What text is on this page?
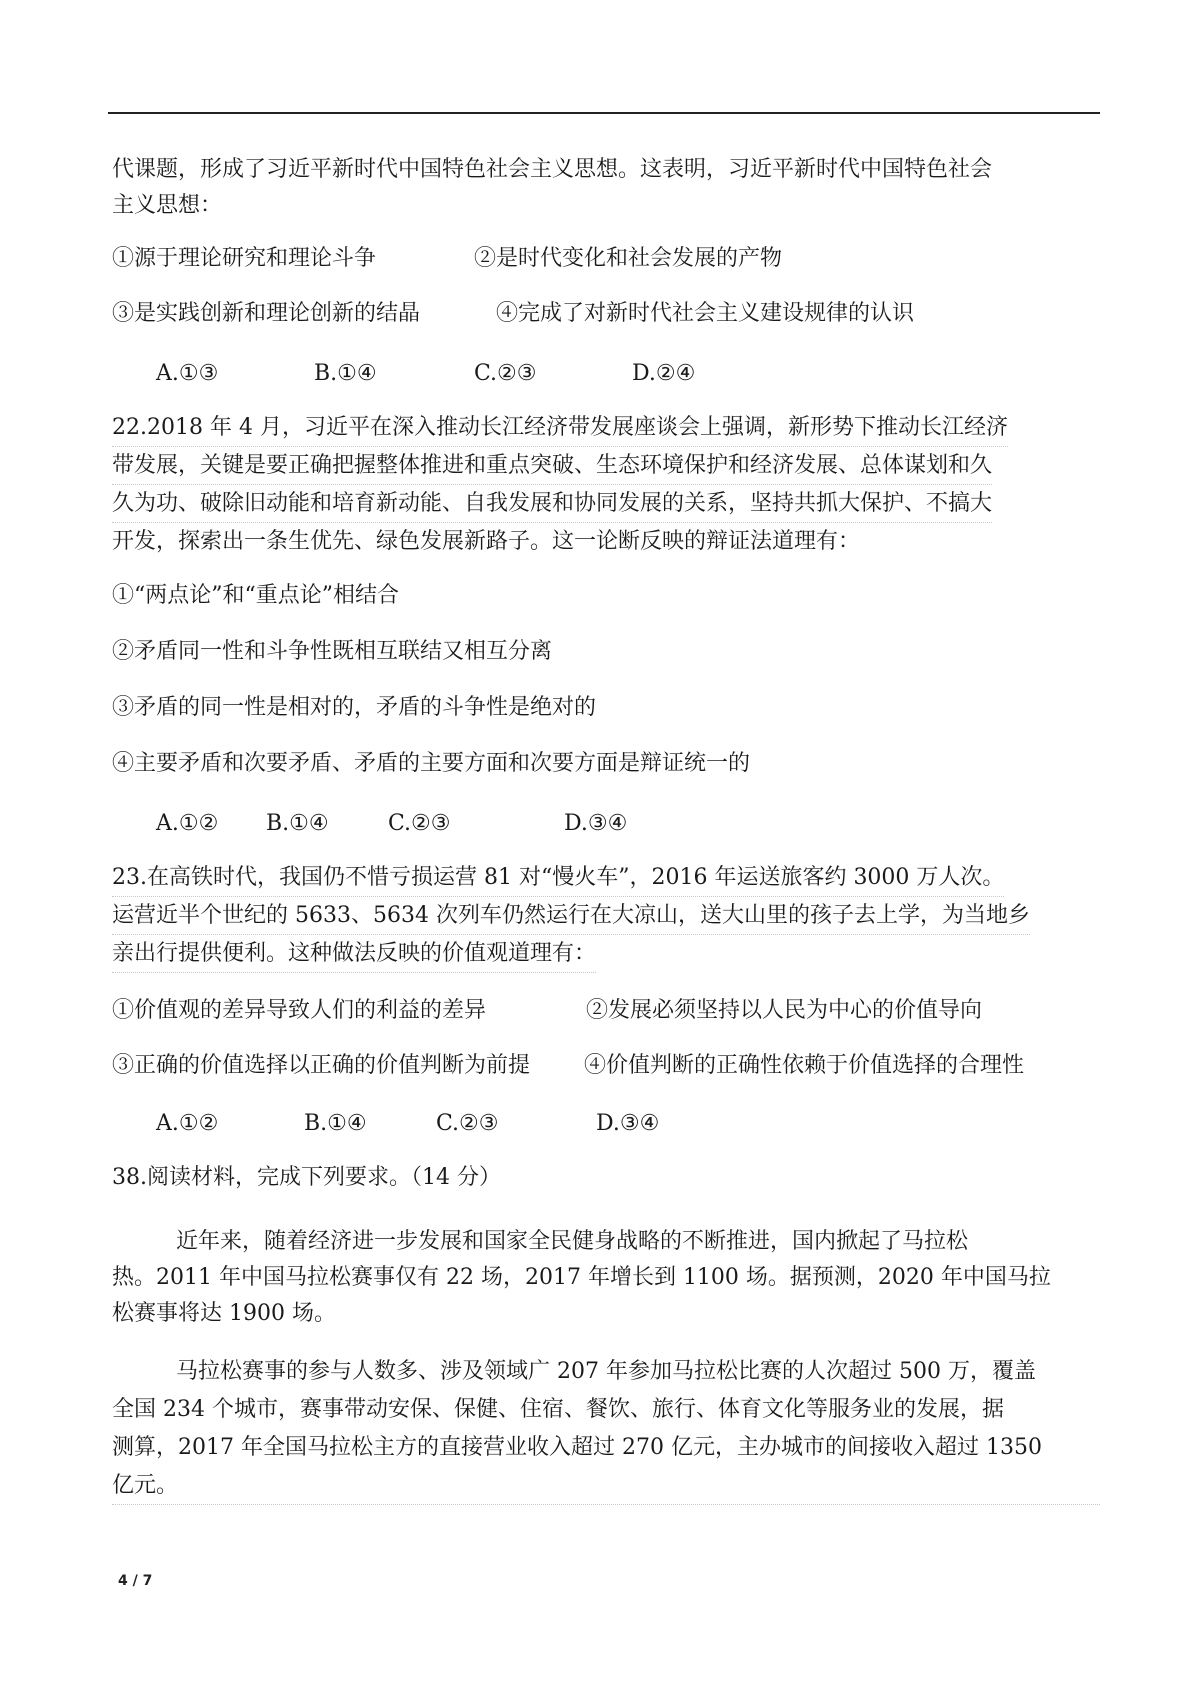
代课题，形成了习近平新时代中国特色社会主义思想。这表明，习近平新时代中国特色社会
主义思想：
①源于理论研究和理论斗争	②是时代变化和社会发展的产物
③是实践创新和理论创新的结晶	④完成了对新时代社会主义建设规律的认识
A.①③	B.①④	C.②③	D.②④
22.2018 年 4 月，习近平在深入推动长江经济带发展座谈会上强调，新形势下推动长江经济
带发展，关键是要正确把握整体推进和重点突破、生态环境保护和经济发展、总体谋划和久
久为功、破除旧动能和培育新动能、自我发展和协同发展的关系，坚持共抓大保护、不搞大
开发，探索出一条生优先、绿色发展新路子。这一论断反映的辩证法道理有：
①“两点论”和“重点论”相结合
②矛盾同一性和斗争性既相互联结又相互分离
③矛盾的同一性是相对的，矛盾的斗争性是绝对的
④主要矛盾和次要矛盾、矛盾的主要方面和次要方面是辩证统一的
A.①② B.①④	C.②③	D.③④
23.在高铁时代，我国仍不惜亏损运营 81 对“慢火车”，2016 年运送旅客约 3000 万人次。
运营近半个世纪的 5633、5634 次列车仍然运行在大凉山，送大山里的孩子去上学，为当地乡
亲出行提供便利。这种做法反映的价值观道理有：
①价值观的差异导致人们的利益的差异	②发展必须坚持以人民为中心的价值导向
③正确的价值选择以正确的价值判断为前提 ④价值判断的正确性依赖于价值选择的合理性
A.①②	B.①④	C.②③	D.③④
38.阅读材料，完成下列要求。（14 分）
近年来，随着经济进一步发展和国家全民健身战略的不断推进，国内掀起了马拉松
热。2011 年中国马拉松赛事仅有 22 场，2017 年增长到 1100 场。据预测，2020 年中国马拉
松赛事将达 1900 场。
马拉松赛事的参与人数多、涉及领域广 207 年参加马拉松比赛的人次超过 500 万，覆盖
全国 234 个城市，赛事带动安保、保健、住宿、餐饮、旅行、体育文化等服务业的发展，据
测算，2017 年全国马拉松主方的直接营业收入超过 270 亿元，主办城市的间接收入超过 1350
亿元。
4 / 7
